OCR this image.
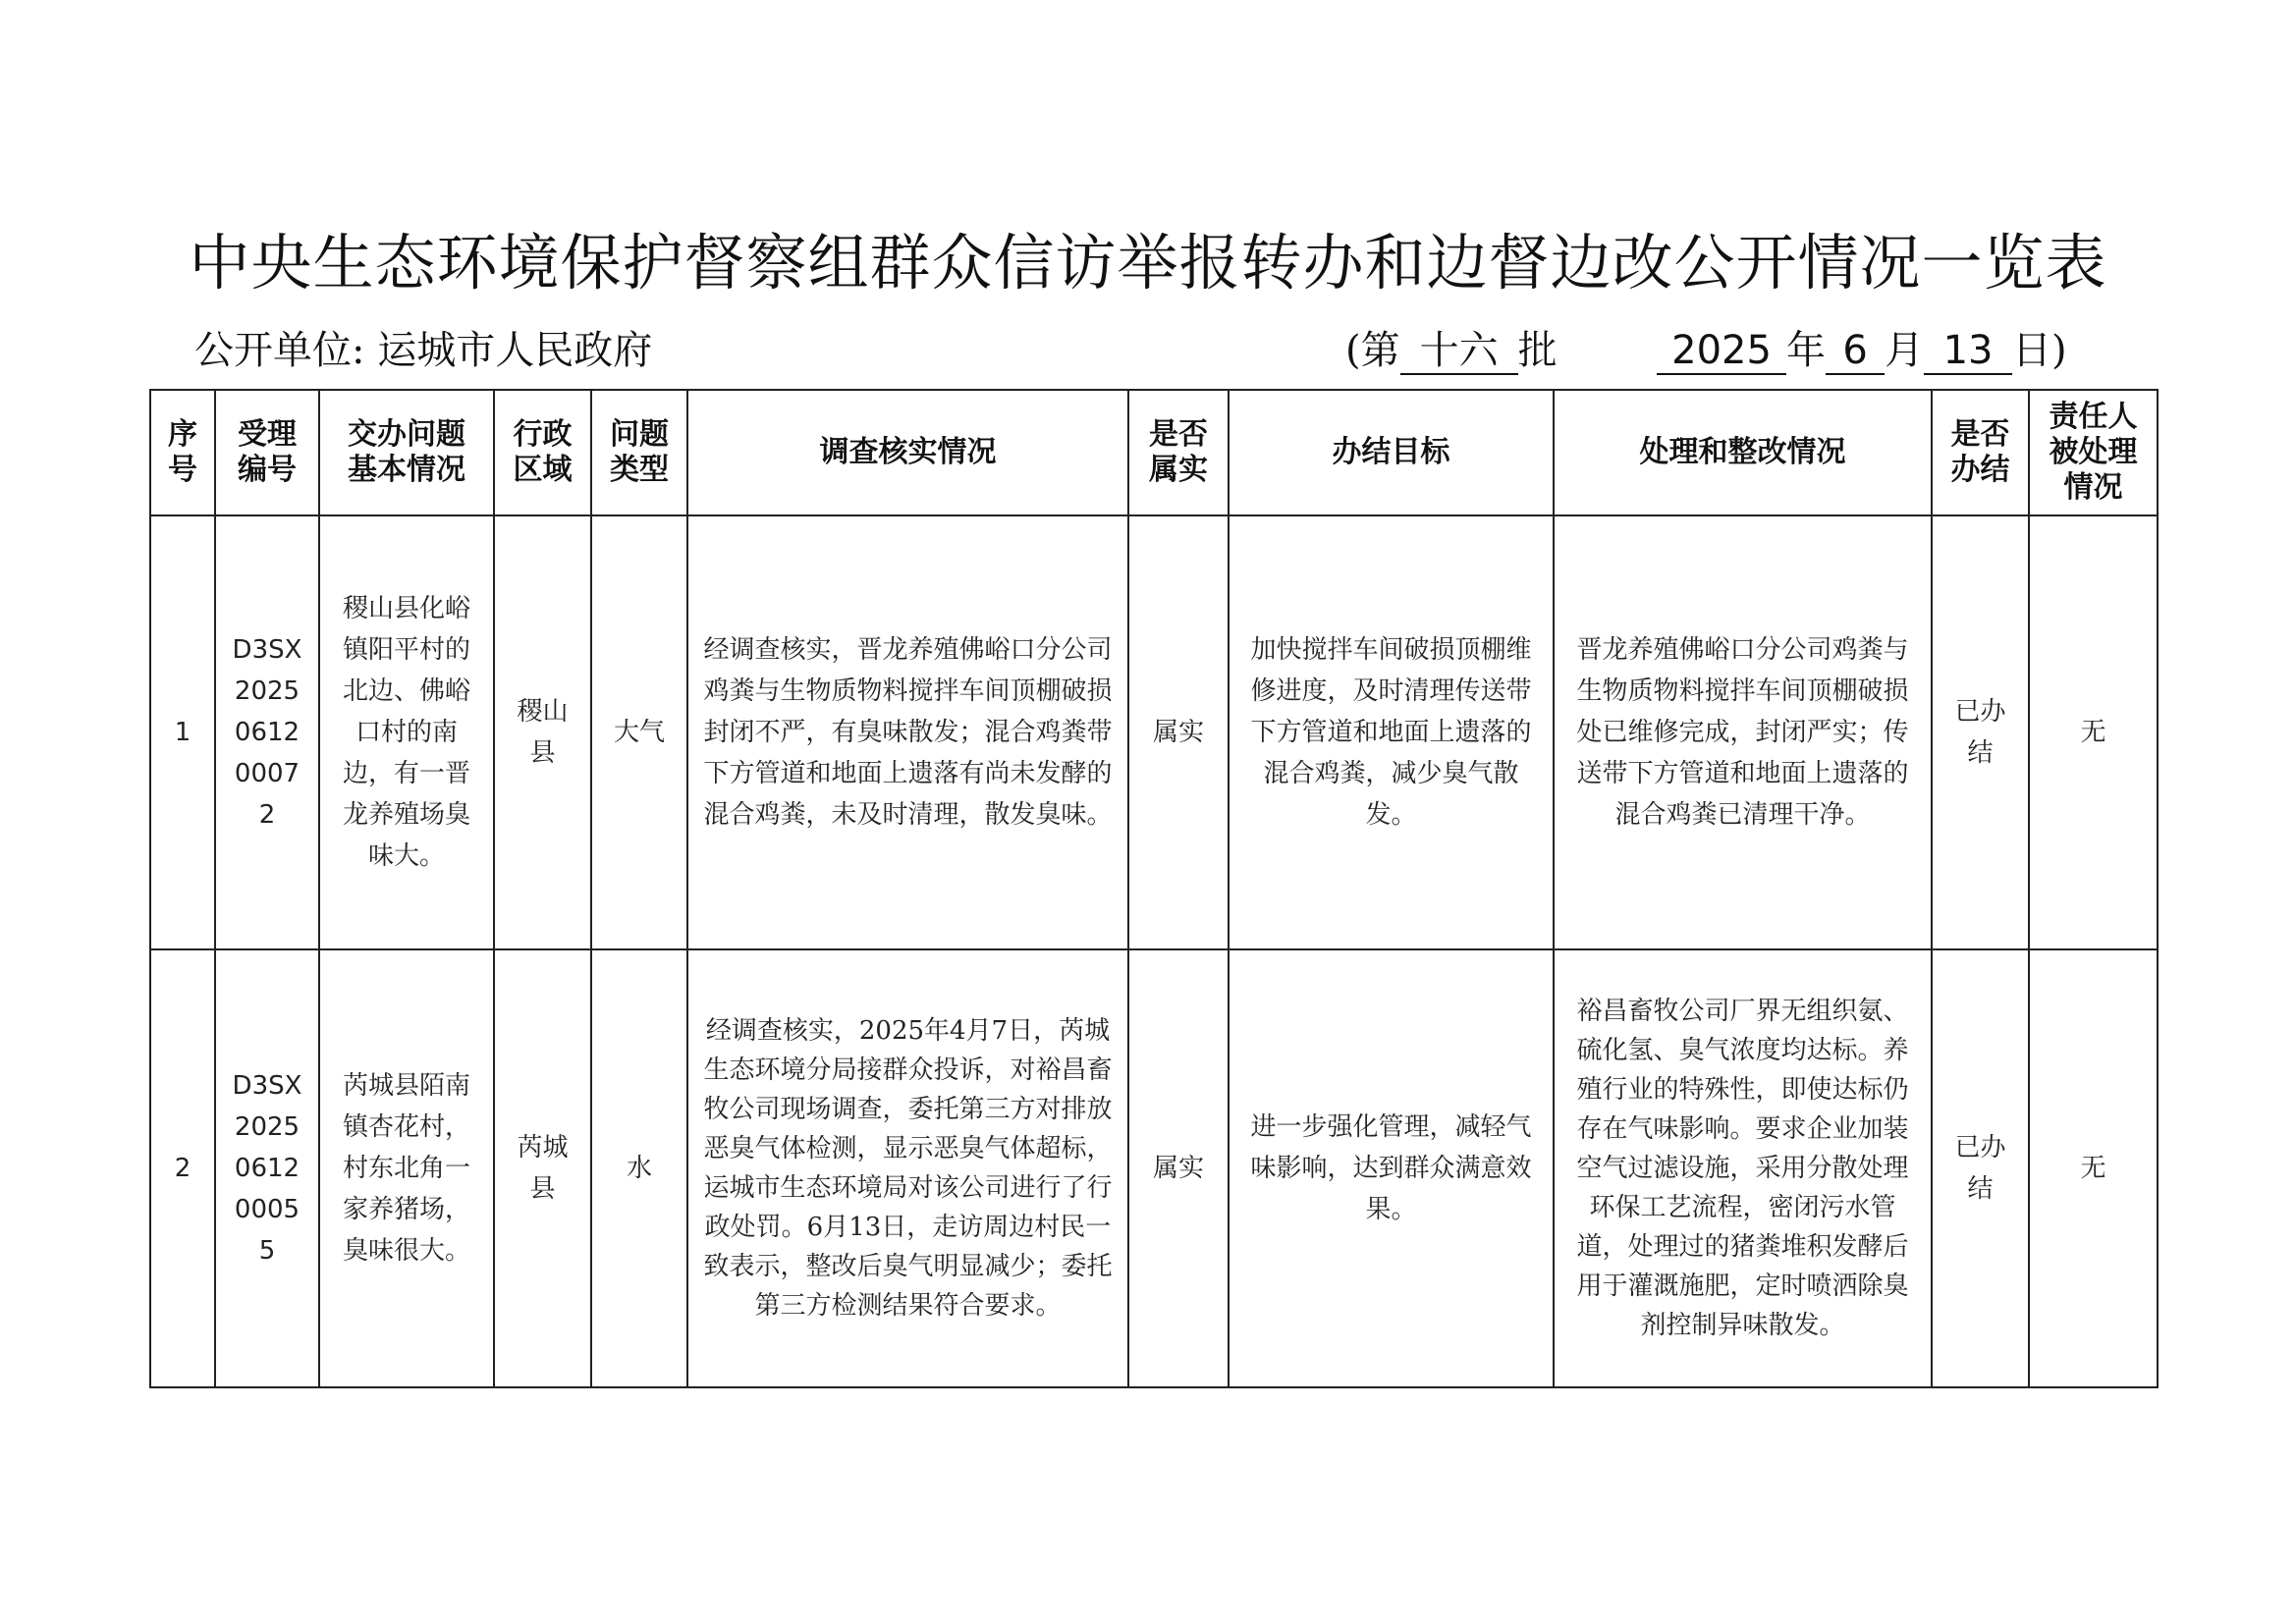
中央生态环境保护督察组群众信访举报转办和边督边改公开情况一览表
公开单位: 运城市人民政府	(第 十六 批	2025 年 6 月 13 日)
序号	受理编号	交办问题基本情况	行政区域	问题类型	调查核实情况	是否属实	办结目标	处理和整改情况	是否办结	责任人被处理情况

1	D3SX2025061200072	稷山县化峪镇阳平村的北边、佛峪口村的南边，有一晋龙养殖场臭味大。	稷山县	大气	经调查核实，晋龙养殖佛峪口分公司鸡粪与生物质物料搅拌车间顶棚破损封闭不严，有臭味散发；混合鸡粪带下方管道和地面上遗落有尚未发酵的混合鸡粪，未及时清理，散发臭味。	属实	加快搅拌车间破损顶棚维修进度，及时清理传送带下方管道和地面上遗落的混合鸡粪，减少臭气散发。	晋龙养殖佛峪口分公司鸡粪与生物质物料搅拌车间顶棚破损处已维修完成，封闭严实；传送带下方管道和地面上遗落的混合鸡粪已清理干净。	已办结	无
2	D3SX2025061200055	芮城县陌南镇杏花村，村东北角一家养猪场，臭味很大。	芮城县	水	经调查核实，2025年4月7日，芮城生态环境分局接群众投诉，对裕昌畜牧公司现场调查，委托第三方对排放恶臭气体检测，显示恶臭气体超标，运城市生态环境局对该公司进行了行政处罚。6月13日，走访周边村民一致表示，整改后臭气明显减少；委托第三方检测结果符合要求。	属实	进一步强化管理，减轻气味影响，达到群众满意效果。	裕昌畜牧公司厂界无组织氨、硫化氢、臭气浓度均达标。养殖行业的特殊性，即使达标仍存在气味影响。要求企业加装空气过滤设施，采用分散处理环保工艺流程，密闭污水管道，处理过的猪粪堆积发酵后用于灌溉施肥，定时喷洒除臭剂控制异味散发。	已办结	无
